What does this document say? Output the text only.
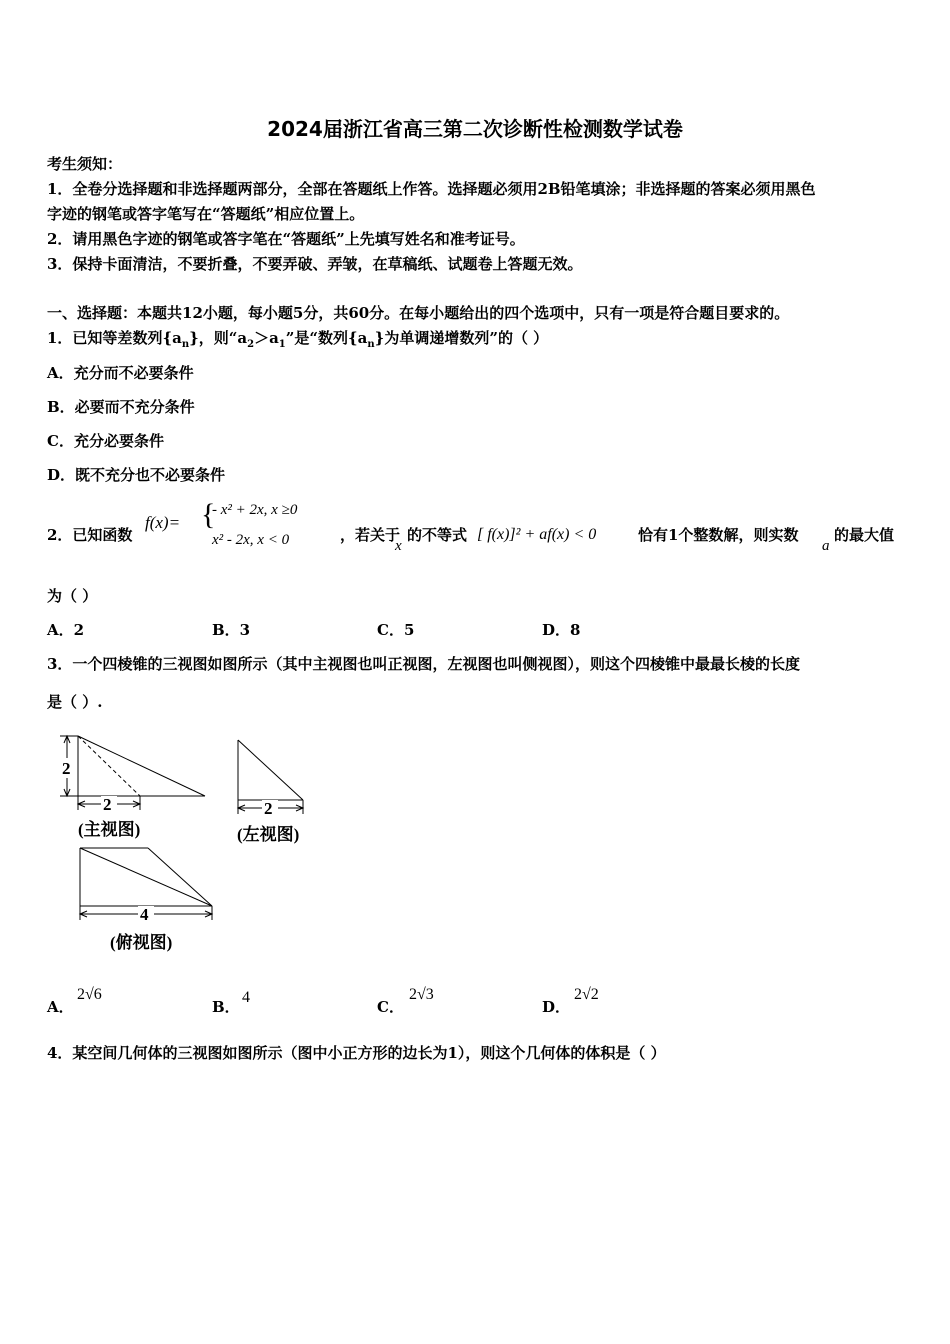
2024届浙江省高三第二次诊断性检测数学试卷
考生须知：
1．全卷分选择题和非选择题两部分，全部在答题纸上作答。选择题必须用2B铅笔填涂；非选择题的答案必须用黑色
字迹的钢笔或答字笔写在“答题纸”相应位置上。
2．请用黑色字迹的钢笔或答字笔在“答题纸”上先填写姓名和准考证号。
3．保持卡面清洁，不要折叠，不要弄破、弄皱，在草稿纸、试题卷上答题无效。
一、选择题：本题共12小题，每小题5分，共60分。在每小题给出的四个选项中，只有一项是符合题目要求的。
1．已知等差数列$\{a_n\}$，则“$a_2>a_1$”是“数列$\{a_n\}$为单调递增数列”的（ ）
A．充分而不必要条件
B．必要而不充分条件
C．充分必要条件
D．既不充分也不必要条件
2．已知函数
f(x)= {
- x² + 2x, x ≥0
x² - 2x, x < 0	，若关于
x
的不等式 [ f(x)]² + af(x) < 0	恰有1个整数解，则实数
a
的最大值
为（ ）
A．2	B．3	C．5	D．8
3．一个四棱锥的三视图如图所示（其中主视图也叫正视图，左视图也叫侧视图），则这个四棱锥中最最长棱的长度
是（ ）.
2
2	2
4
(主视图)	(左视图)
(俯视图)
A．
2√6
B．
4
C．
2√3
D．
2√2
4．某空间几何体的三视图如图所示（图中小正方形的边长为1），则这个几何体的体积是（ ）
